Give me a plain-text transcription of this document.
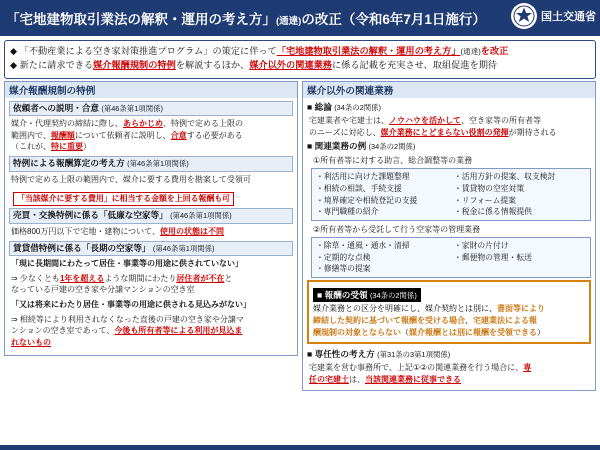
「宅地建物取引業法の解釈・運用の考え方」(通達)の改正（令和6年7月1日施行）	国土交通省
◆ 「不動産業による空き家対策推進プログラム」の策定に伴って「宅地建物取引業法の解釈・運用の考え方」(通達)を改正
◆ 新たに請求できる媒介報酬規制の特例を解説するほか、媒介以外の関連業務に係る記載を充実させ、取組促進を期待
媒介報酬規制の特例
依頼者への説明・合意 (第46条第1項関係)
媒介・代理契約の締結に際し、あらかじめ、特例で定める上限の
範囲内で、報酬額について依頼者に説明し、合意する必要がある
（これが、特に重要）
特例による報酬算定の考え方 (第46条第1項関係)
特例で定める上限の範囲内で、媒介に要する費用を勘案して受領可
「当該媒介に要する費用」に相当する金額を上回る報酬も可
売買・交換特例に係る「低廉な空家等」 (第46条第1項関係)
価格800万円以下で宅地・建物について、使用の状態は不問
賃貸借特例に係る「長期の空家等」 (第46条第1項関係)
「現に長期間にわたって居住・事業等の用途に供されていない」
⇒ 少なくとも1年を超えるような期間にわたり居住者が不在と
なっている戸建の空き家や分譲マンションの空き室
「又は将来にわたり居住・事業等の用途に供される見込みがない」
⇒ 相続等により利用されなくなった直後の戸建の空き家や分譲マ
ンションの空き室であって、今後も所有者等による利用が見込ま
れないもの
媒介以外の関連業務
■ 総論 (34条の2関係)
宅建業者や宅建士は、ノウハウを活かして、空き家等の所有者等
のニーズに対応し、媒介業務にとどまらない役割の発揮が期待される
■ 関連業務の例 (34条の2関係)
①所有者等に対する助言、総合調整等の業務
・利活用に向けた課題整理	・活用方針の提案、収支検討
・相続の相談、手続支援	・賃貸物の空室対策
・境界確定や相続登記の支援	・リフォーム提案
・専門職種の紹介	・税金に係る情報提供
②所有者等から受託して行う空家等の管理業務
・除草・通風・通水・清掃	・家財の片付け
・定期的な点検	・郵便物の管理・転送
・修繕等の提案
■ 報酬の受領 (34条の2関係)
媒介業務との区分を明確にし、媒介契約とは別に、書面等により
締結した契約に基づいて報酬を受ける場合、宅建業法による報
酬規制の対象とならない（媒介報酬とは別に報酬を受領できる）
■ 専任性の考え方 (第31条の3第1項関係)
宅建業を営む事務所で、上記①②の関連業務を行う場合に、専
任の宅建士は、当該関連業務に従事できる
